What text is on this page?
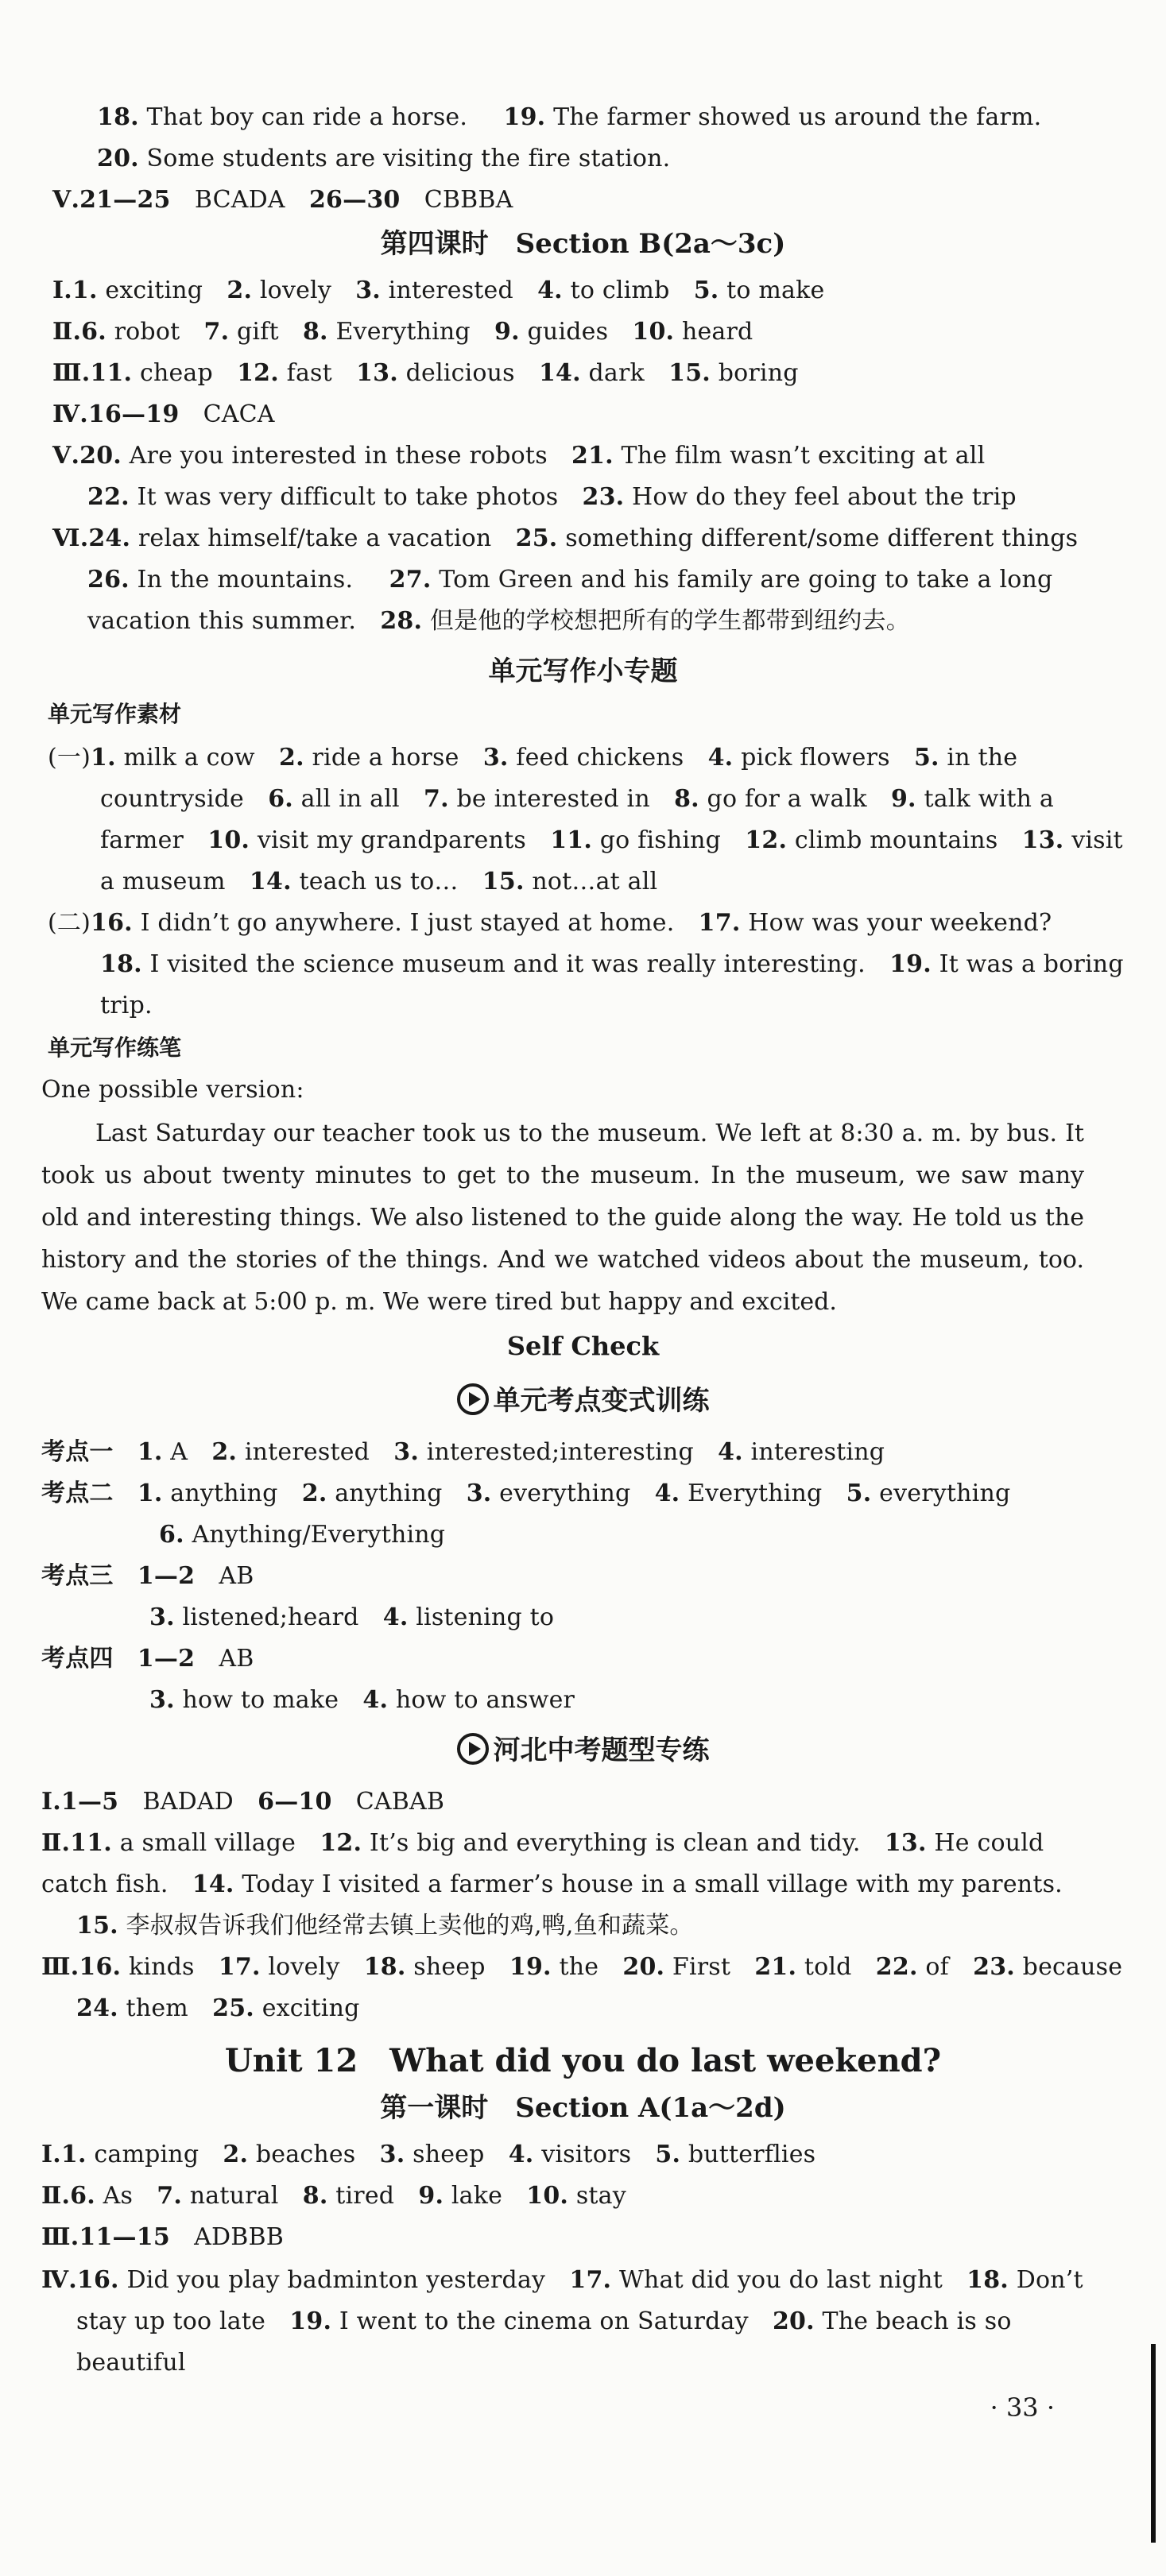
18. That boy can ride a horse.   19. The farmer showed us around the farm.
20. Some students are visiting the fire station.
Ⅴ.21—25  BCADA  26—30  CBBBA
第四课时　Section B(2a～3c)
Ⅰ.1. exciting  2. lovely  3. interested  4. to climb  5. to make
Ⅱ.6. robot  7. gift  8. Everything  9. guides  10. heard
Ⅲ.11. cheap  12. fast  13. delicious  14. dark  15. boring
Ⅳ.16—19  CACA
Ⅴ.20. Are you interested in these robots  21. The film wasn’t exciting at all
22. It was very difficult to take photos  23. How do they feel about the trip
Ⅵ.24. relax himself/take a vacation  25. something different/some different things
26. In the mountains.   27. Tom Green and his family are going to take a long
vacation this summer.  28. 但是他的学校想把所有的学生都带到纽约去。
单元写作小专题
单元写作素材
(一)1. milk a cow  2. ride a horse  3. feed chickens  4. pick flowers  5. in the
countryside  6. all in all  7. be interested in  8. go for a walk  9. talk with a
farmer  10. visit my grandparents  11. go fishing  12. climb mountains  13. visit
a museum  14. teach us to…  15. not…at all
(二)16. I didn’t go anywhere. I just stayed at home.  17. How was your weekend?
18. I visited the science museum and it was really interesting.  19. It was a boring
trip.
单元写作练笔
One possible version:

Last Saturday our teacher took us to the museum. We left at 8:30 a. m. by bus. It took us about twenty minutes to get to the museum. In the museum, we saw many old and interesting things. We also listened to the guide along the way. He told us the history and the stories of the things. And we watched videos about the museum, too. We came back at 5:00 p. m. We were tired but happy and excited.

Self Check
单元考点变式训练
考点一  1. A  2. interested  3. interested;interesting  4. interesting
考点二  1. anything  2. anything  3. everything  4. Everything  5. everything
6. Anything/Everything
考点三  1—2  AB
3. listened;heard  4. listening to
考点四  1—2  AB
3. how to make  4. how to answer
河北中考题型专练
Ⅰ.1—5  BADAD  6—10  CABAB
Ⅱ.11. a small village  12. It’s big and everything is clean and tidy.  13. He could
catch fish.  14. Today I visited a farmer’s house in a small village with my parents.
15. 李叔叔告诉我们他经常去镇上卖他的鸡,鸭,鱼和蔬菜。
Ⅲ.16. kinds  17. lovely  18. sheep  19. the  20. First  21. told  22. of  23. because
24. them  25. exciting
Unit 12　What did you do last weekend?
第一课时　Section A(1a～2d)
Ⅰ.1. camping  2. beaches  3. sheep  4. visitors  5. butterflies
Ⅱ.6. As  7. natural  8. tired  9. lake  10. stay
Ⅲ.11—15  ADBBB
Ⅳ.16. Did you play badminton yesterday  17. What did you do last night  18. Don’t
stay up too late  19. I went to the cinema on Saturday  20. The beach is so
beautiful
· 33 ·
